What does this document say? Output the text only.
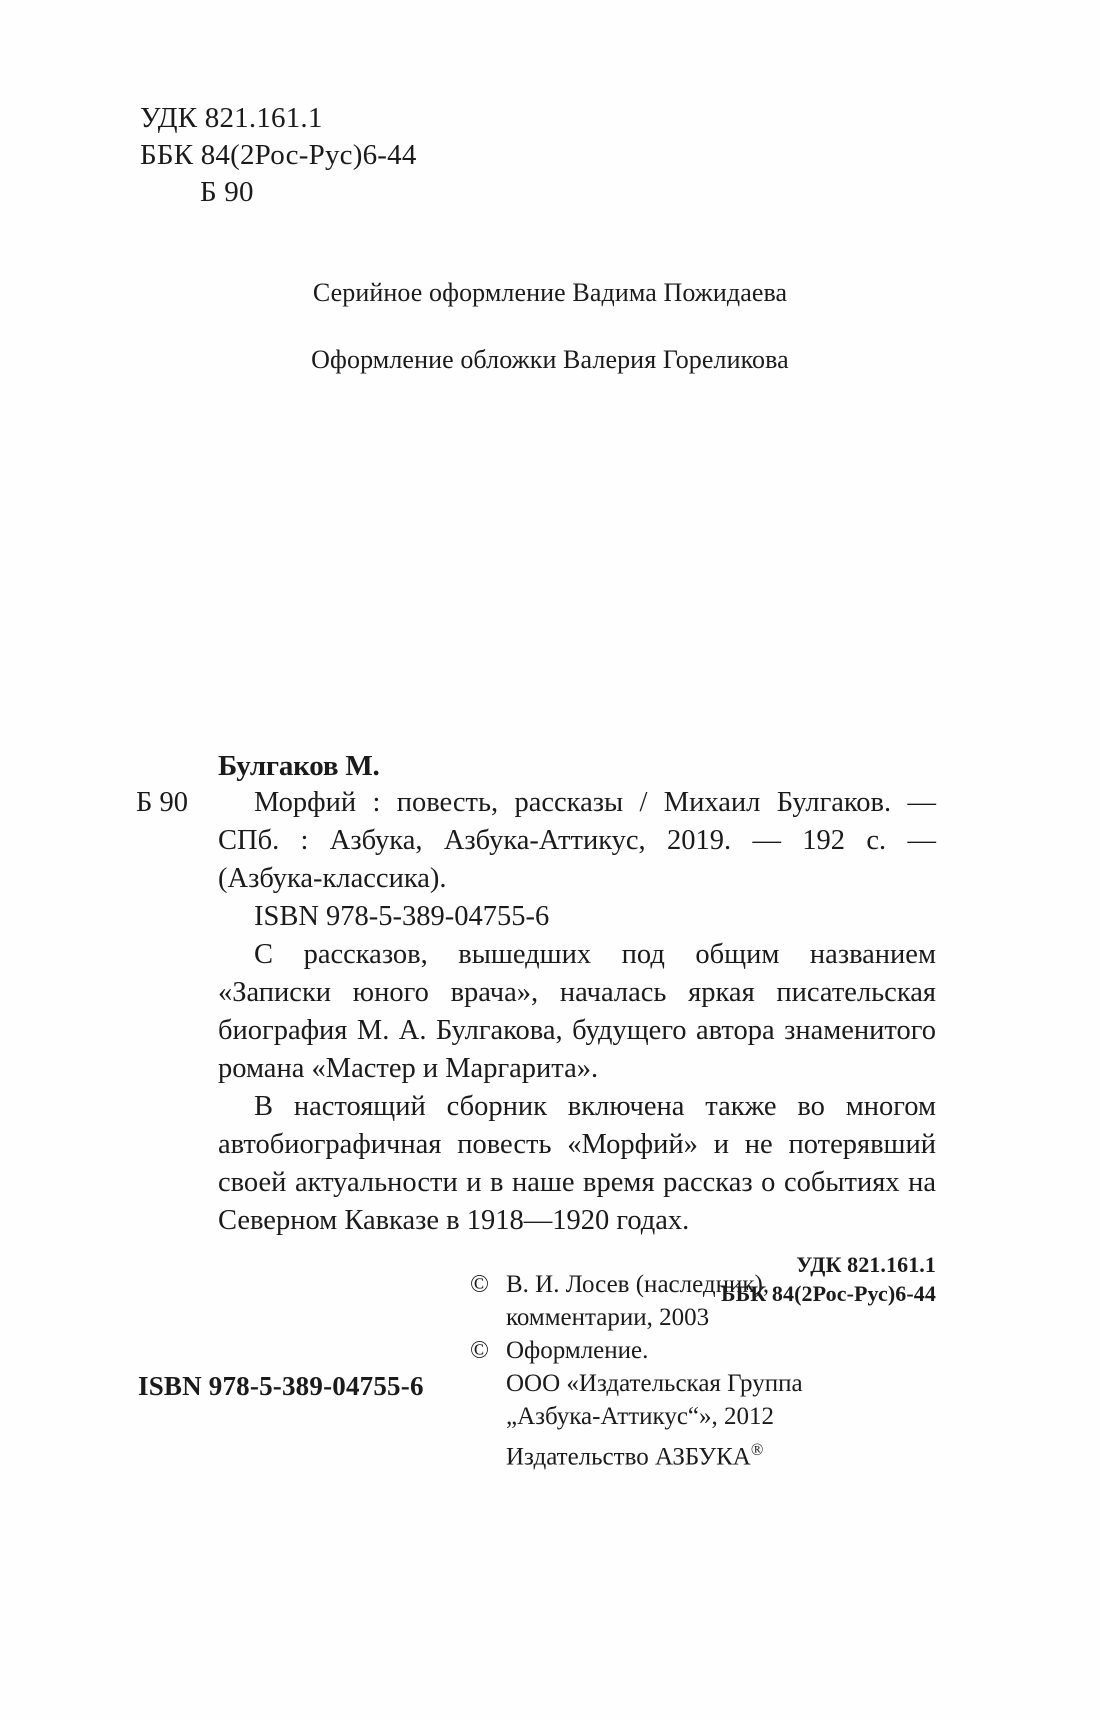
УДК 821.161.1
ББК 84(2Рос-Рус)6-44
Б 90
Серийное оформление Вадима Пожидаева
Оформление обложки Валерия Гореликова
Булгаков М.
Б 90	Морфий : повесть, рассказы / Михаил Булгаков. — СПб. : Азбука, Азбука-Аттикус, 2019. — 192 с. — (Азбука-классика).
ISBN 978-5-389-04755-6
С рассказов, вышедших под общим названием «Записки юного врача», началась яркая писательская биография М. А. Булгакова, будущего автора знаменитого романа «Мастер и Маргарита».
В настоящий сборник включена также во многом автобиографичная повесть «Морфий» и не потерявший своей актуальности и в наше время рассказ о событиях на Северном Кавказе в 1918—1920 годах.
УДК 821.161.1
ББК 84(2Рос-Рус)6-44
© В. И. Лосев (наследник),
комментарии, 2003
© Оформление.
ООО «Издательская Группа
„Азбука-Аттикус“», 2012
Издательство АЗБУКА®
ISBN 978-5-389-04755-6
